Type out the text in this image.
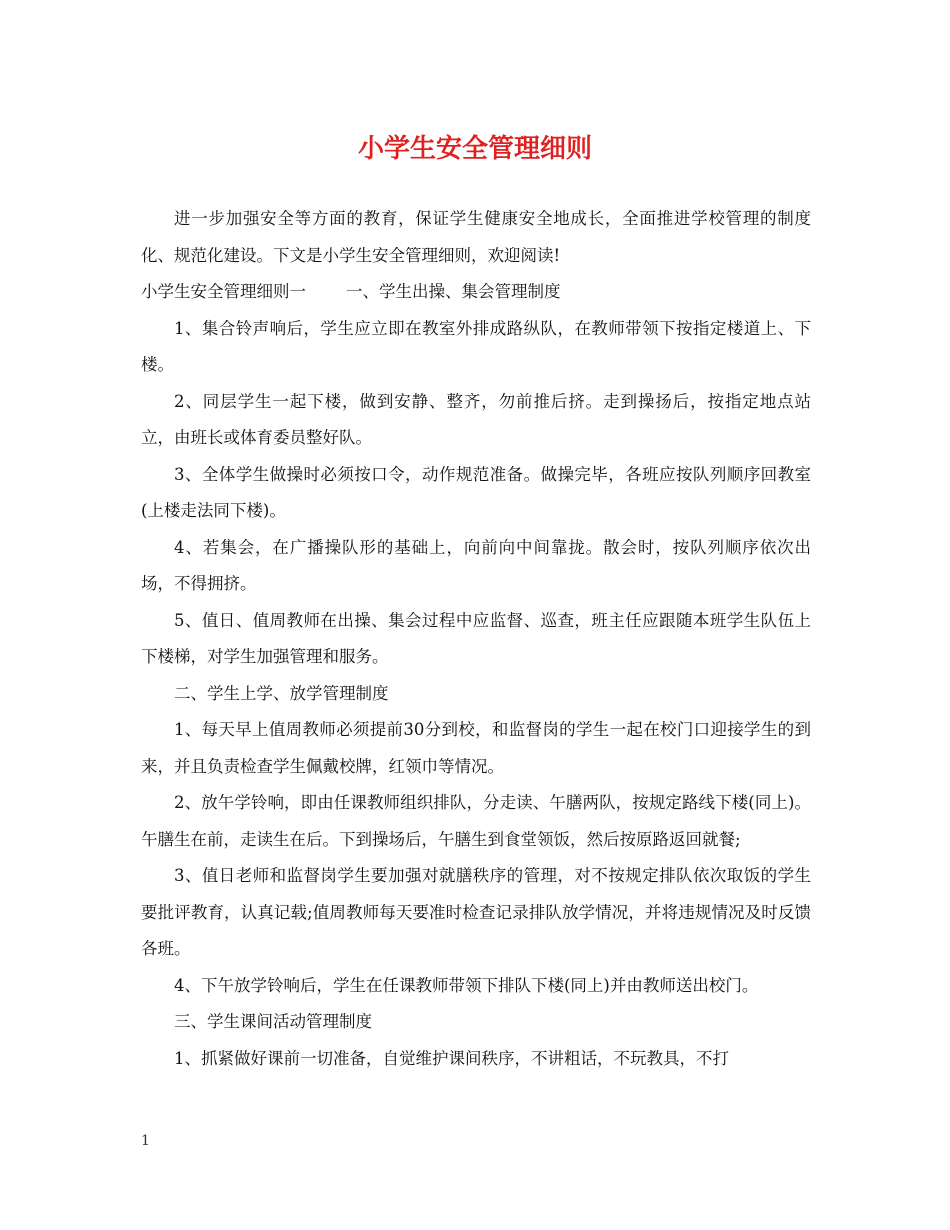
小学生安全管理细则

进一步加强安全等方面的教育，保证学生健康安全地成长，全面推进学校管理的制度化、规范化建设。下文是小学生安全管理细则，欢迎阅读!

小学生安全管理细则一 一、学生出操、集会管理制度

1、集合铃声响后，学生应立即在教室外排成路纵队，在教师带领下按指定楼道上、下楼。

2、同层学生一起下楼，做到安静、整齐，勿前推后挤。走到操扬后，按指定地点站立，由班长或体育委员整好队。

3、全体学生做操时必须按口令，动作规范准备。做操完毕，各班应按队列顺序回教室(上楼走法同下楼)。

4、若集会，在广播操队形的基础上，向前向中间靠拢。散会时，按队列顺序依次出场，不得拥挤。

5、值日、值周教师在出操、集会过程中应监督、巡查，班主任应跟随本班学生队伍上下楼梯，对学生加强管理和服务。

二、学生上学、放学管理制度

1、每天早上值周教师必须提前30分到校，和监督岗的学生一起在校门口迎接学生的到来，并且负责检查学生佩戴校牌，红领巾等情况。

2、放午学铃响，即由任课教师组织排队，分走读、午膳两队，按规定路线下楼(同上)。午膳生在前，走读生在后。下到操场后，午膳生到食堂领饭，然后按原路返回就餐;

3、值日老师和监督岗学生要加强对就膳秩序的管理，对不按规定排队依次取饭的学生要批评教育，认真记载;值周教师每天要准时检查记录排队放学情况，并将违规情况及时反馈各班。

4、下午放学铃响后，学生在任课教师带领下排队下楼(同上)并由教师送出校门。

三、学生课间活动管理制度

1、抓紧做好课前一切准备，自觉维护课间秩序，不讲粗话，不玩教具，不打

1
